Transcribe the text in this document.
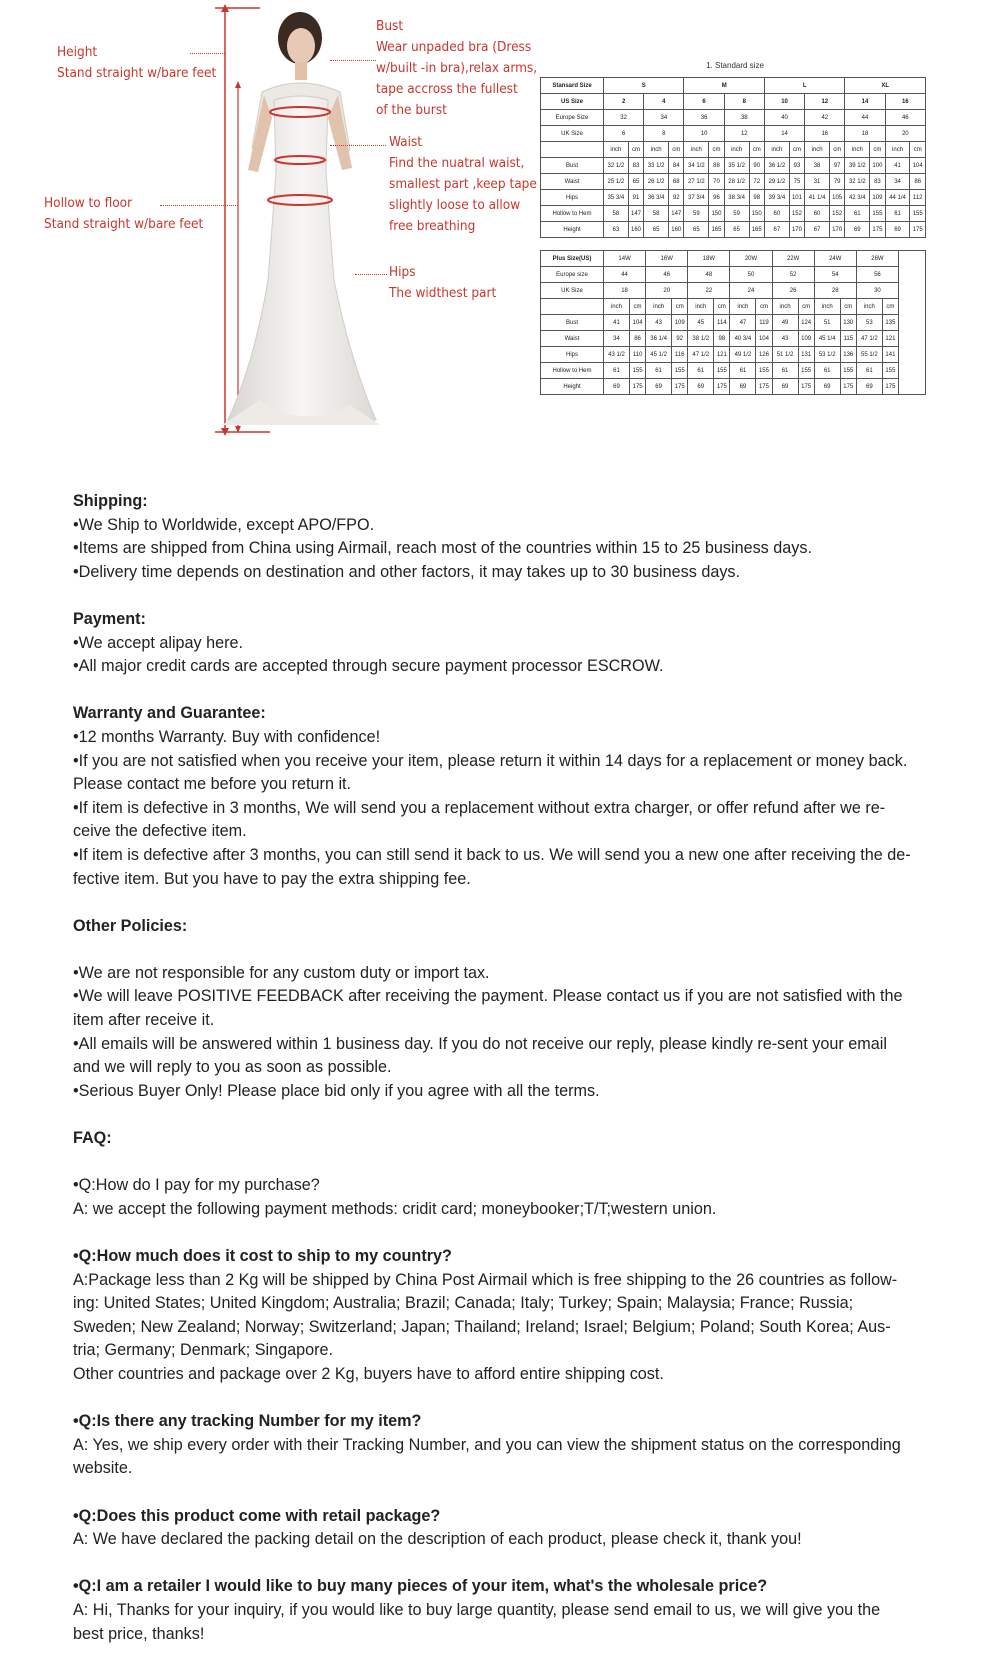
Height
Stand straight w/bare feet
Hollow to floor
Stand straight w/bare feet
Bust
Wear unpaded bra (Dress
w/built -in bra),relax arms,
tape accross the fullest
of the burst
Waist
Find the nuatral waist,
smallest part ,keep tape
slightly loose to allow
free breathing
Hips
The widthest part
1. Standard size
Stansard Size	S				M				L				XL			
US Size	2		4		6		8		10		12		14		16	
Europe Size	32		34		36		38		40		42		44		46	
UK Size	6		8		10		12		14		16		18		20	
	inch	cm	inch	cm	inch	cm	inch	cm	inch	cm	inch	cm	inch	cm	inch	cm
Bust	32 1/2	83	33 1/2	84	34 1/2	88	35 1/2	90	36 1/2	93	38	97	39 1/2	100	41	104
Waist	25 1/2	65	26 1/2	68	27 1/2	70	28 1/2	72	29 1/2	75	31	79	32 1/2	83	34	86
Hips	35 3/4	91	36 3/4	92	37 3/4	96	38 3/4	98	39 3/4	101	41 1/4	105	42 3/4	109	44 1/4	112
Hollow to Hem	58	147	58	147	59	150	59	150	60	152	60	152	61	155	61	155
Height	63	160	65	160	65	165	65	165	67	170	67	170	69	175	69	175
Plus Size(US)	14W		16W		18W		20W		22W		24W		26W		
Europe size	44		46		48		50		52		54		56		
UK Size	18		20		22		24		26		28		30		
	inch	cm	inch	cm	inch	cm	inch	cm	inch	cm	inch	cm	inch	cm	
Bust	41	104	43	109	45	114	47	119	49	124	51	130	53	135	
Waist	34	86	36 1/4	92	38 1/2	98	40 3/4	104	43	109	45 1/4	115	47 1/2	121	
Hips	43 1/2	110	45 1/2	116	47 1/2	121	49 1/2	126	51 1/2	131	53 1/2	136	55 1/2	141	
Hollow to Hem	61	155	61	155	61	155	61	155	61	155	61	155	61	155	
Height	69	175	69	175	69	175	69	175	69	175	69	175	69	175	

Shipping:

•We Ship to Worldwide, except APO/FPO.

•Items are shipped from China using Airmail, reach most of the countries within 15 to 25 business days.

•Delivery time depends on destination and other factors, it may takes up to 30 business days.

Payment:

•We accept alipay here.

•All major credit cards are accepted through secure payment processor ESCROW.

Warranty and Guarantee:

•12 months Warranty. Buy with confidence!

•If you are not satisfied when you receive your item, please return it within 14 days for a replacement or money back.

Please contact me before you return it.

•If item is defective in 3 months, We will send you a replacement without extra charger, or offer refund after we re-

ceive the defective item.

•If item is defective after 3 months, you can still send it back to us. We will send you a new one after receiving the de-

fective item. But you have to pay the extra shipping fee.

Other Policies:

•We are not responsible for any custom duty or import tax.

•We will leave POSITIVE FEEDBACK after receiving the payment. Please contact us if you are not satisfied with the

item after receive it.

•All emails will be answered within 1 business day. If you do not receive our reply, please kindly re-sent your email

and we will reply to you as soon as possible.

•Serious Buyer Only! Please place bid only if you agree with all the terms.

FAQ:

•Q:How do I pay for my purchase?

A: we accept the following payment methods: cridit card; moneybooker;T/T;western union.

•Q:How much does it cost to ship to my country?

A:Package less than 2 Kg will be shipped by China Post Airmail which is free shipping to the 26 countries as follow-

ing: United States; United Kingdom; Australia; Brazil; Canada; Italy; Turkey; Spain; Malaysia; France; Russia;

Sweden; New Zealand; Norway; Switzerland; Japan; Thailand; Ireland; Israel; Belgium; Poland; South Korea; Aus-

tria; Germany; Denmark; Singapore.

Other countries and package over 2 Kg, buyers have to afford entire shipping cost.

•Q:Is there any tracking Number for my item?

A: Yes, we ship every order with their Tracking Number, and you can view the shipment status on the corresponding

website.

•Q:Does this product come with retail package?

A: We have declared the packing detail on the description of each product, please check it, thank you!

•Q:I am a retailer I would like to buy many pieces of your item, what's the wholesale price?

A: Hi, Thanks for your inquiry, if you would like to buy large quantity, please send email to us, we will give you the

best price, thanks!
